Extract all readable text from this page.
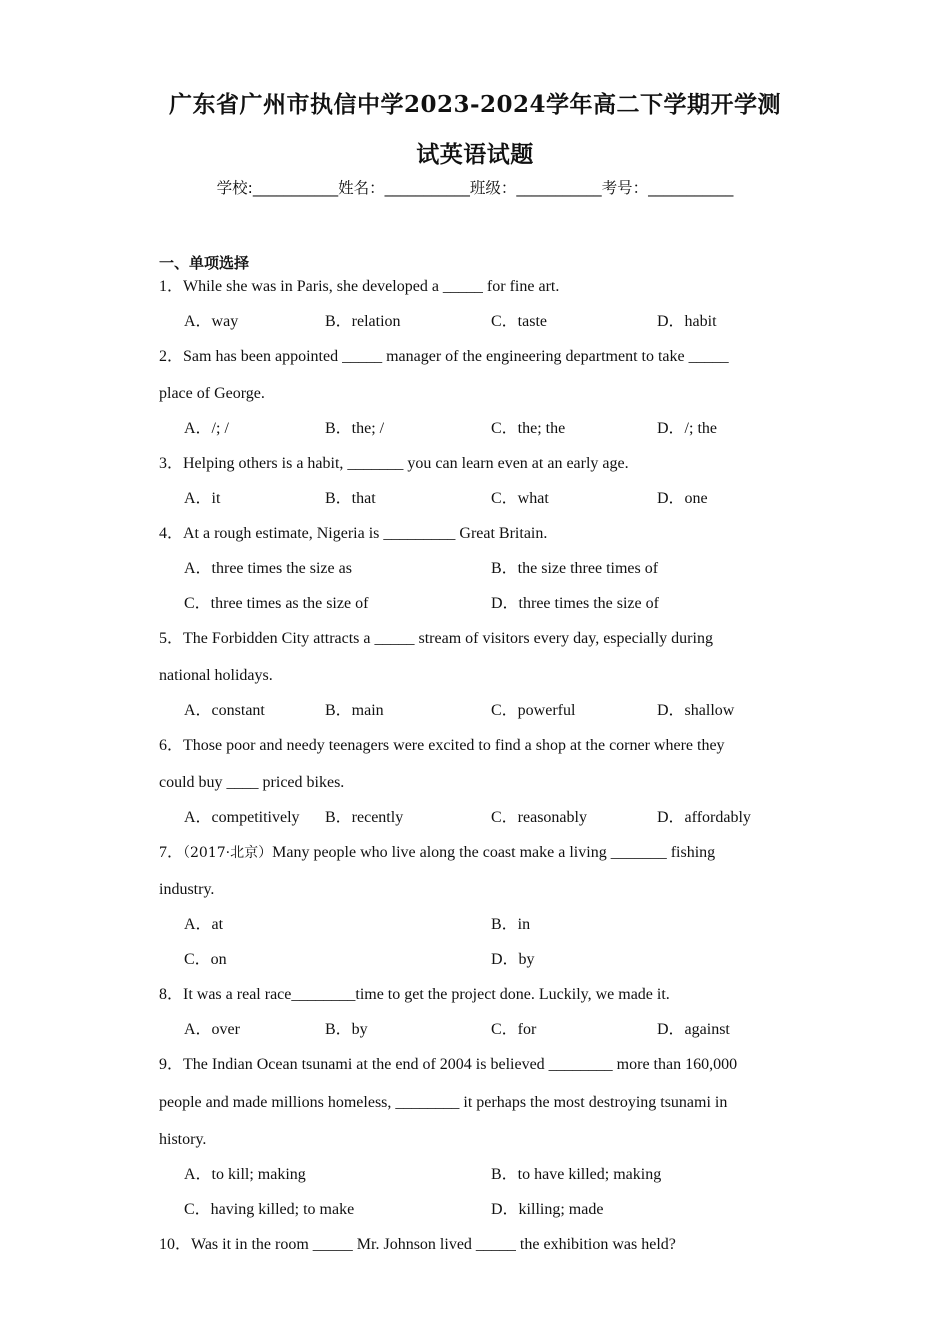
广东省广州市执信中学2023-2024学年高二下学期开学测
试英语试题
学校:___________姓名：___________班级：___________考号：___________
一、单项选择
1．While she was in Paris, she developed a _____ for fine art.
A．way	B．relation	C．taste	D．habit
2．Sam has been appointed _____ manager of the engineering department to take _____
place of George.
A．/; /	B．the; /	C．the; the	D．/; the
3．Helping others is a habit, _______ you can learn even at an early age.
A．it	B．that	C．what	D．one
4．At a rough estimate, Nigeria is _________ Great Britain.
A．three times the size as	B．the size three times of
C．three times as the size of	D．three times the size of
5．The Forbidden City attracts a _____ stream of visitors every day, especially during
national holidays.
A．constant	B．main	C．powerful	D．shallow
6．Those poor and needy teenagers were excited to find a shop at the corner where they
could buy ____ priced bikes.
A．competitively B．recently	C．reasonably	D．affordably
7．（2017·北京）Many people who live along the coast make a living _______ fishing
industry.
A．at	B．in
C．on	D．by
8．It was a real race________time to get the project done. Luckily, we made it.
A．over	B．by	C．for	D．against
9．The Indian Ocean tsunami at the end of 2004 is believed ________ more than 160,000
people and made millions homeless, ________ it perhaps the most destroying tsunami in
history.
A．to kill; making	B．to have killed; making
C．having killed; to make	D．killing; made
10．Was it in the room _____ Mr. Johnson lived _____ the exhibition was held?
